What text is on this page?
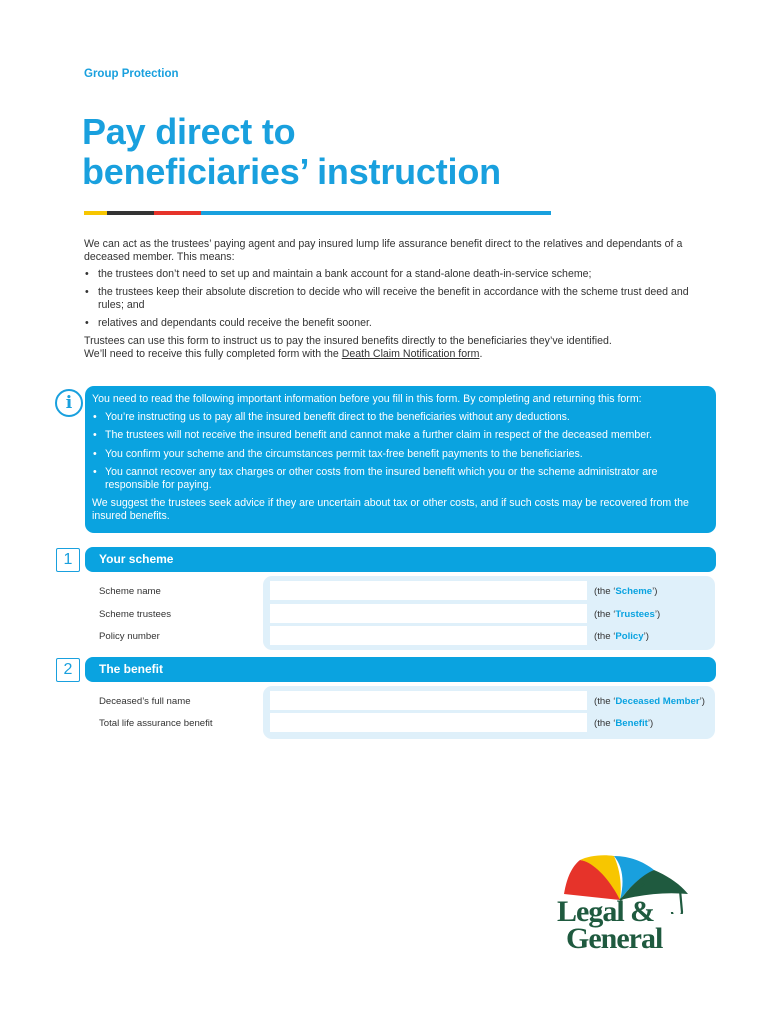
Group Protection
Pay direct to
beneficiaries’ instruction

We can act as the trustees’ paying agent and pay insured lump life assurance benefit direct to the relatives and dependants of a deceased member. This means:

• the trustees don’t need to set up and maintain a bank account for a stand-alone death-in-service scheme;
• the trustees keep their absolute discretion to decide who will receive the benefit in accordance with the scheme trust deed and rules; and
• relatives and dependants could receive the benefit sooner.

Trustees can use this form to instruct us to pay the insured benefits directly to the beneficiaries they’ve identified.
We’ll need to receive this fully completed form with the Death Claim Notification form.

i	You need to read the following important information before you fill in this form. By completing and returning this form:

• You’re instructing us to pay all the insured benefit direct to the beneficiaries without any deductions.
• The trustees will not receive the insured benefit and cannot make a further claim in respect of the deceased member.
• You confirm your scheme and the circumstances permit tax-free benefit payments to the beneficiaries.
• You cannot recover any tax charges or other costs from the insured benefit which you or the scheme administrator are responsible for paying.

We suggest the trustees seek advice if they are uncertain about tax or other costs, and if such costs may be recovered from the insured benefits.

1	Your scheme
Scheme name	(the ‘Scheme’)
Scheme trustees	(the ‘Trustees’)
Policy number	(the ‘Policy’)
2	The benefit
Deceased’s full name	(the ‘Deceased Member’)
Total life assurance benefit	(the ‘Benefit’)
Legal &
General
